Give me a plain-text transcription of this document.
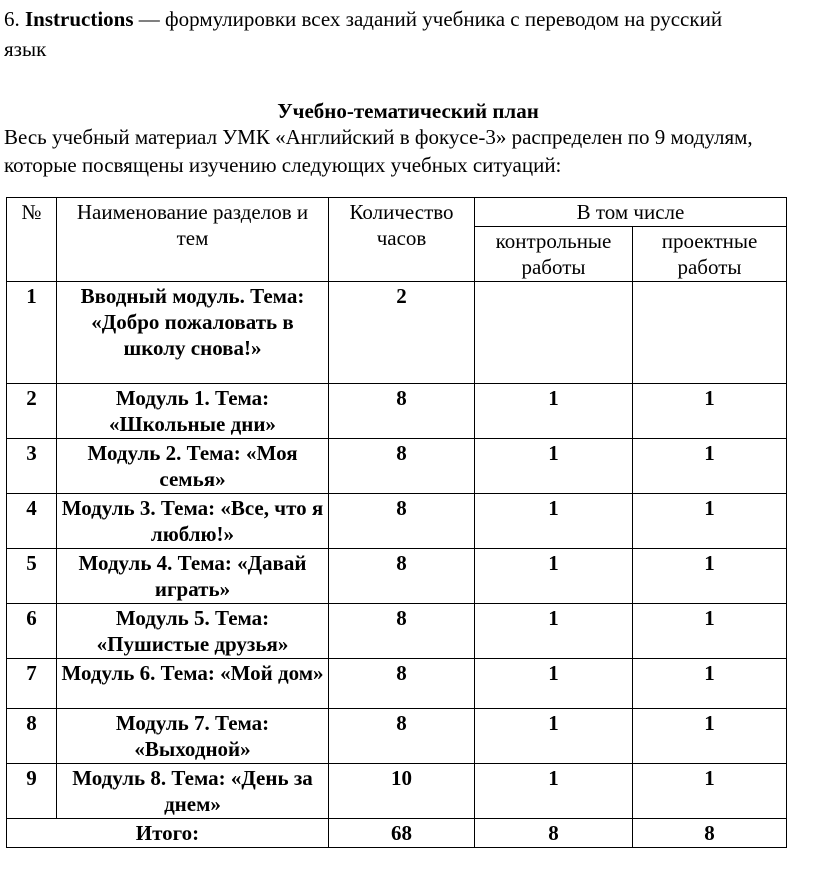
6. Instructions — формулировки всех заданий учебника с переводом на русский
язык
Учебно-тематический план
Весь учебный материал УМК «Английский в фокусе-3» распределен по 9 модулям,
которые посвящены изучению следующих учебных ситуаций:
№	Наименование разделов и тем	Количество часов	В том числе	
			контрольные работы	проектные работы
1	Вводный модуль. Тема: «Добро пожаловать в школу снова!»	2		
2	Модуль 1. Тема: «Школьные дни»	8	1	1
3	Модуль 2. Тема: «Моя семья»	8	1	1
4	Модуль 3. Тема: «Все, что я люблю!»	8	1	1
5	Модуль 4. Тема: «Давай играть»	8	1	1
6	Модуль 5. Тема: «Пушистые друзья»	8	1	1
7	Модуль 6. Тема: «Мой дом»	8	1	1
8	Модуль 7. Тема: «Выходной»	8	1	1
9	Модуль 8. Тема: «День за днем»	10	1	1
Итого:		68	8	8
